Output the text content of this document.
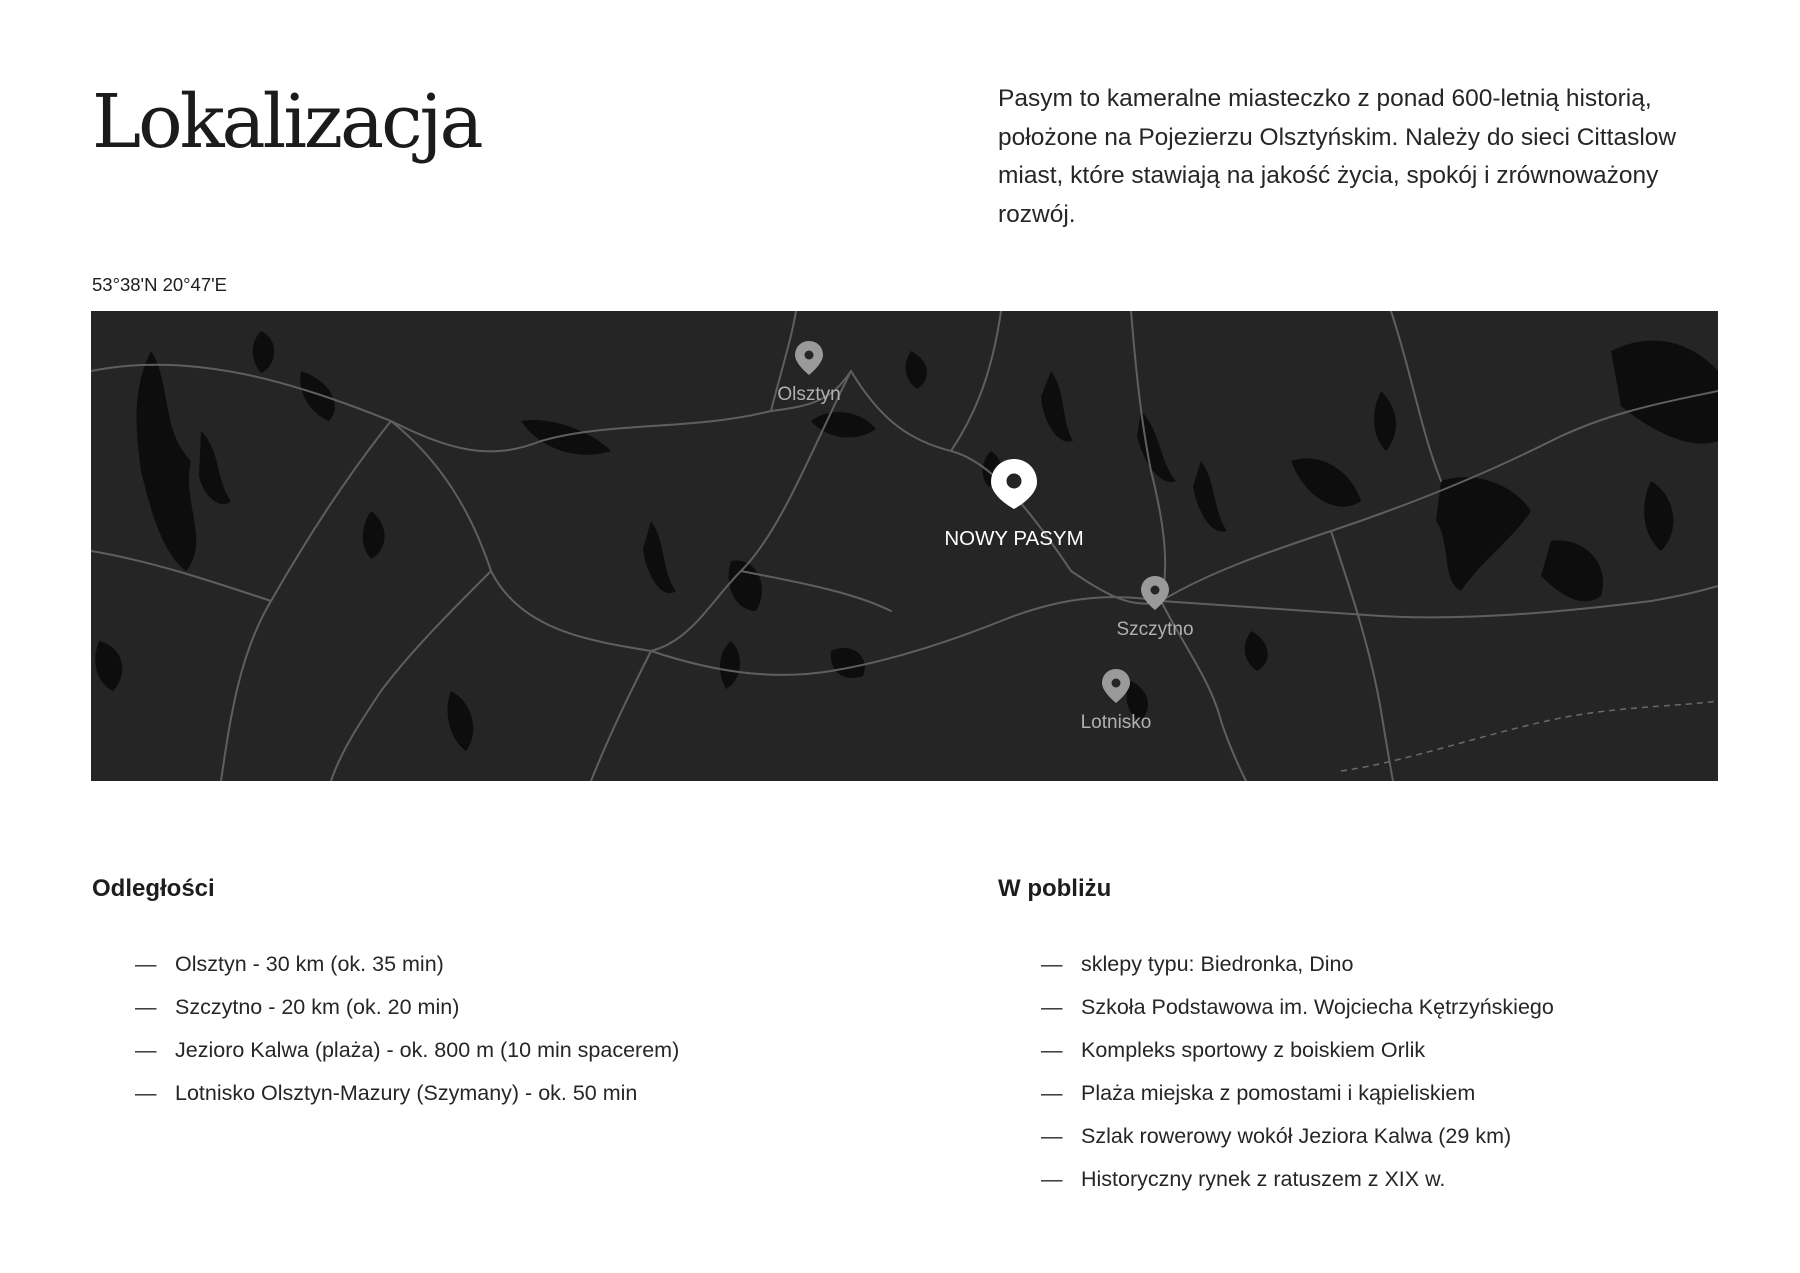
Lokalizacja	Pasym to kameralne miasteczko z ponad 600-letnią historią, położone na Pojezierzu Olsztyńskim. Należy do sieci Cittaslow miast, które stawiają na jakość życia, spokój i zrównoważony rozwój.

53°38'N 20°47'E
Olsztyn
NOWY PASYM
Szczytno
Lotnisko
Odległości
— Olsztyn - 30 km (ok. 35 min)
— Szczytno - 20 km (ok. 20 min)
— Jezioro Kalwa (plaża) - ok. 800 m (10 min spacerem)
— Lotnisko Olsztyn-Mazury (Szymany) - ok. 50 min
W pobliżu
— sklepy typu: Biedronka, Dino
— Szkoła Podstawowa im. Wojciecha Kętrzyńskiego
— Kompleks sportowy z boiskiem Orlik
— Plaża miejska z pomostami i kąpieliskiem
— Szlak rowerowy wokół Jeziora Kalwa (29 km)
— Historyczny rynek z ratuszem z XIX w.
